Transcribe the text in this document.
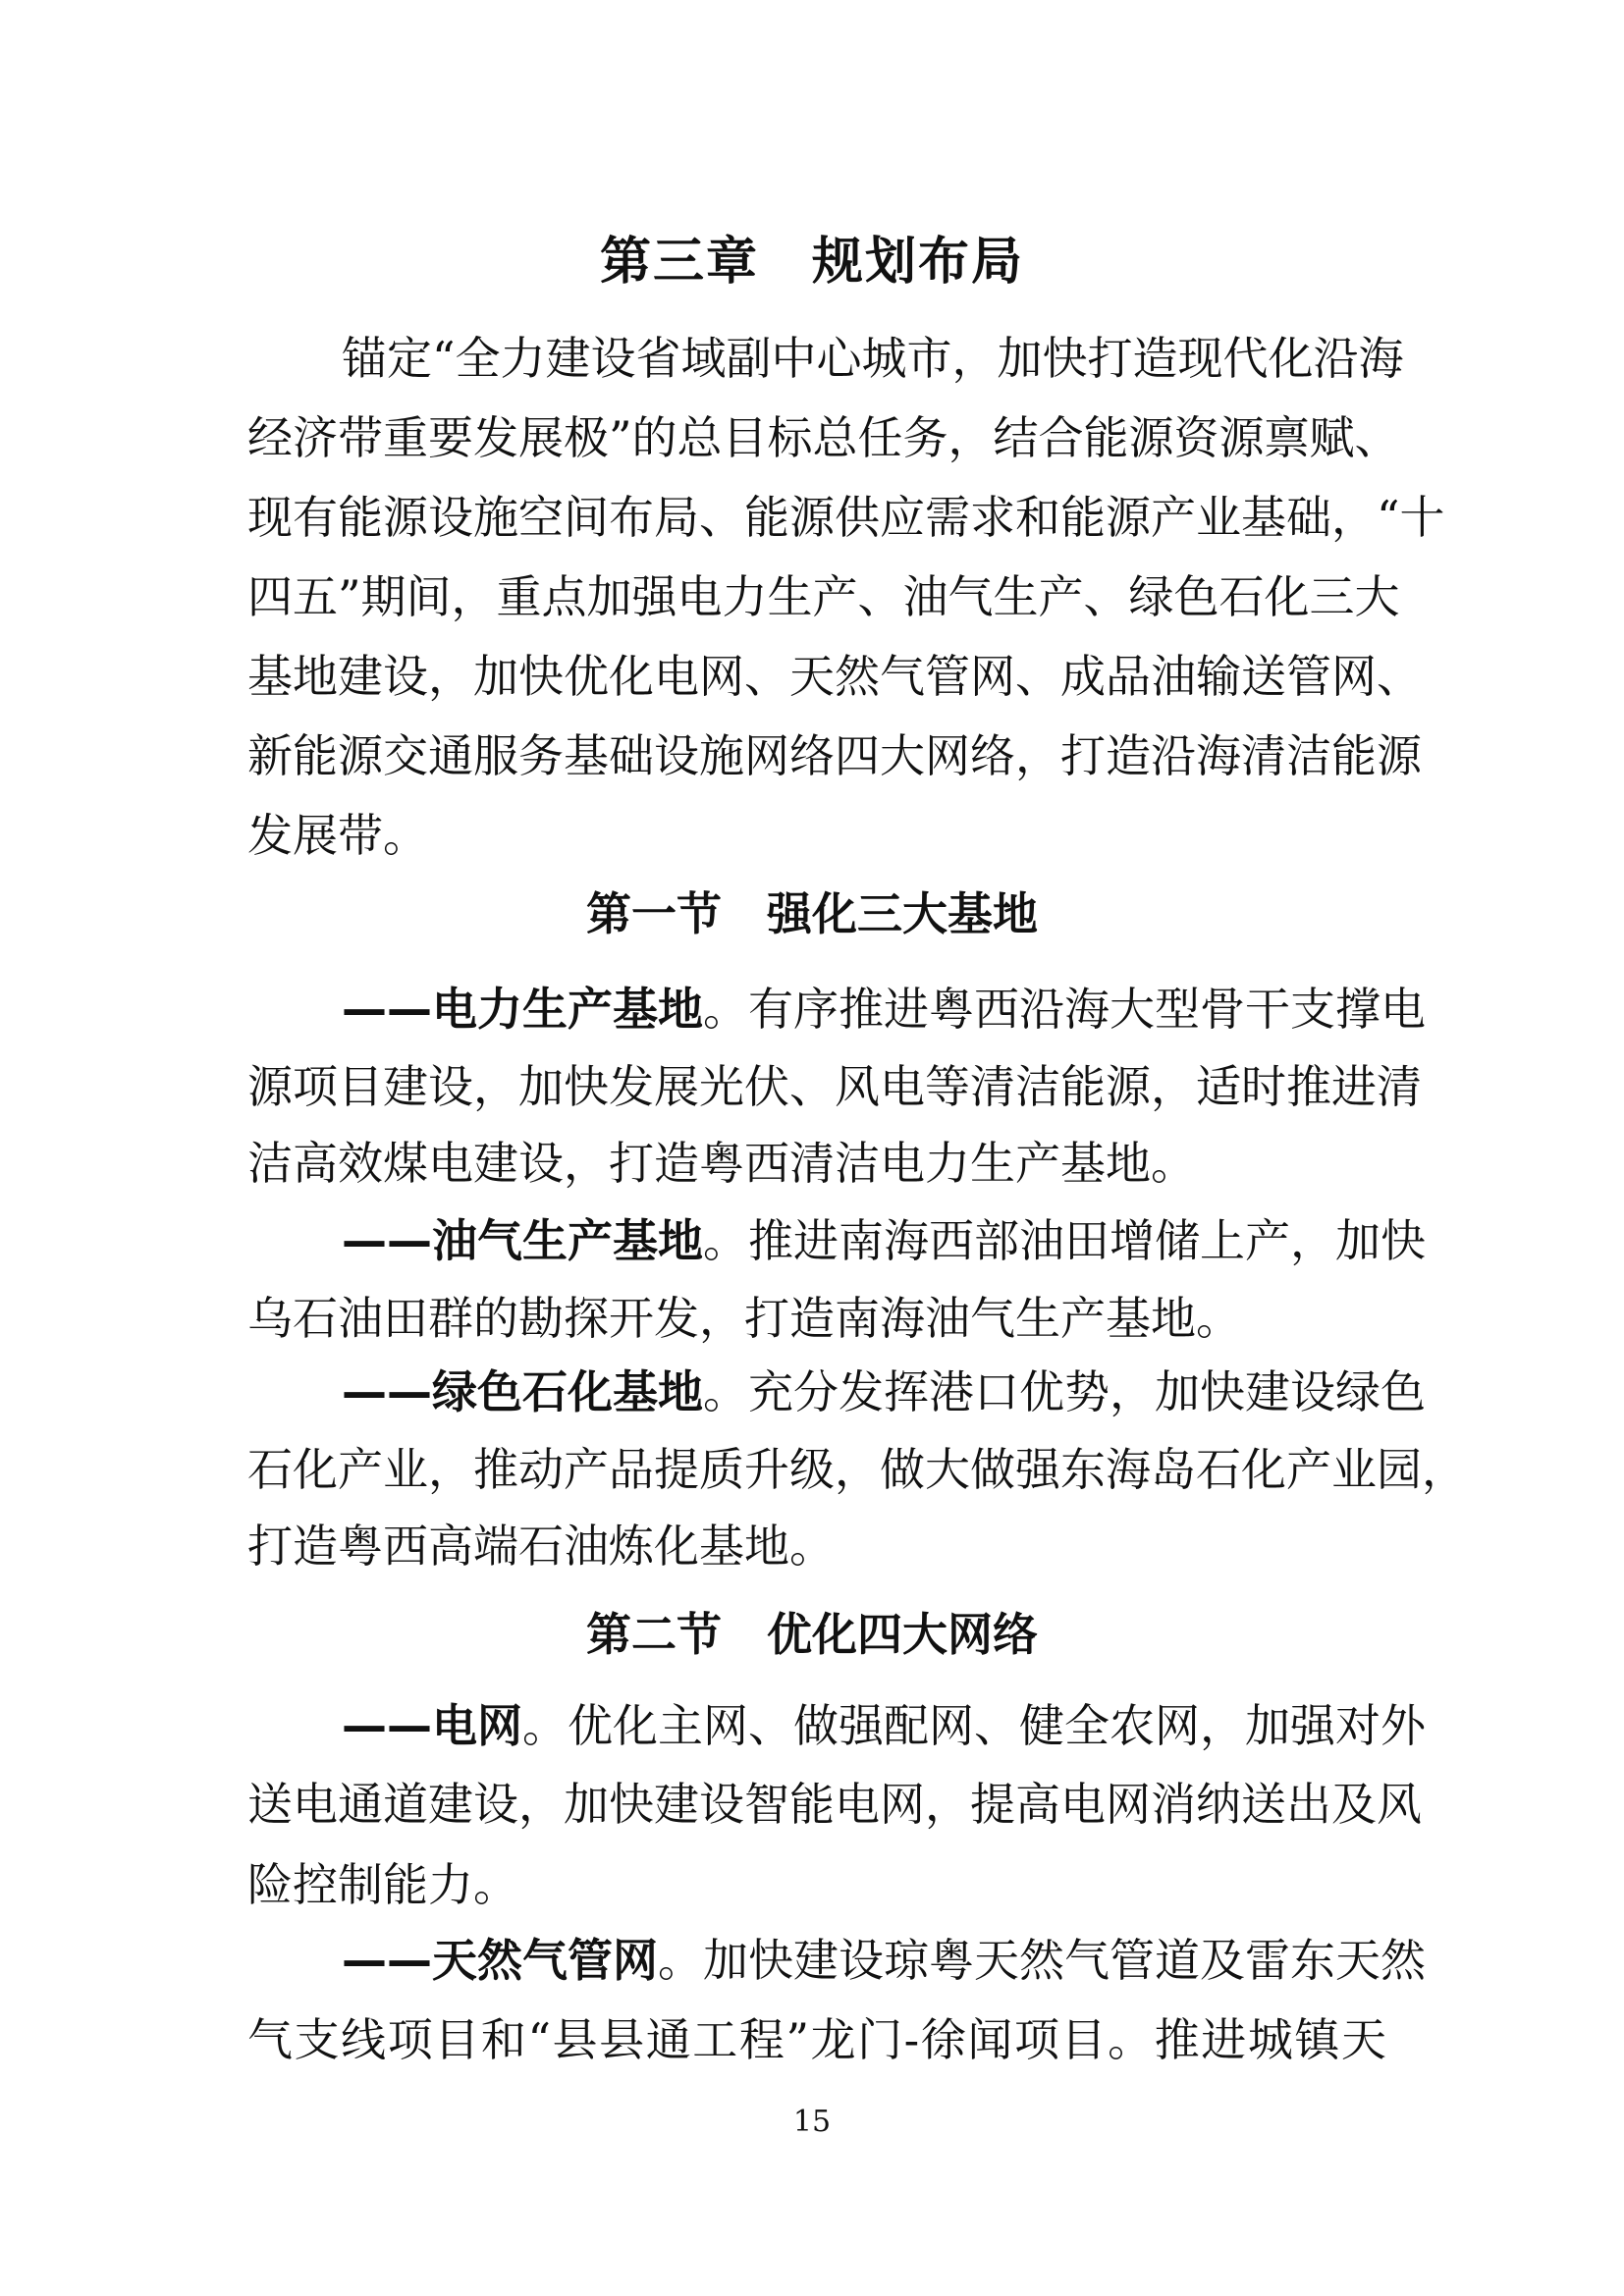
第三章　规划布局
锚定“全力建设省域副中心城市，加快打造现代化沿海
经济带重要发展极”的总目标总任务，结合能源资源禀赋、
现有能源设施空间布局、能源供应需求和能源产业基础，“十
四五”期间，重点加强电力生产、油气生产、绿色石化三大
基地建设，加快优化电网、天然气管网、成品油输送管网、
新能源交通服务基础设施网络四大网络，打造沿海清洁能源
发展带。
第一节　强化三大基地
——电力生产基地。有序推进粤西沿海大型骨干支撑电
源项目建设，加快发展光伏、风电等清洁能源，适时推进清
洁高效煤电建设，打造粤西清洁电力生产基地。
——油气生产基地。推进南海西部油田增储上产，加快
乌石油田群的勘探开发，打造南海油气生产基地。
——绿色石化基地。充分发挥港口优势，加快建设绿色
石化产业，推动产品提质升级，做大做强东海岛石化产业园，
打造粤西高端石油炼化基地。
第二节　优化四大网络
——电网。优化主网、做强配网、健全农网，加强对外
送电通道建设，加快建设智能电网，提高电网消纳送出及风
险控制能力。
——天然气管网。加快建设琼粤天然气管道及雷东天然
气支线项目和“县县通工程”龙门-徐闻项目。推进城镇天
15
